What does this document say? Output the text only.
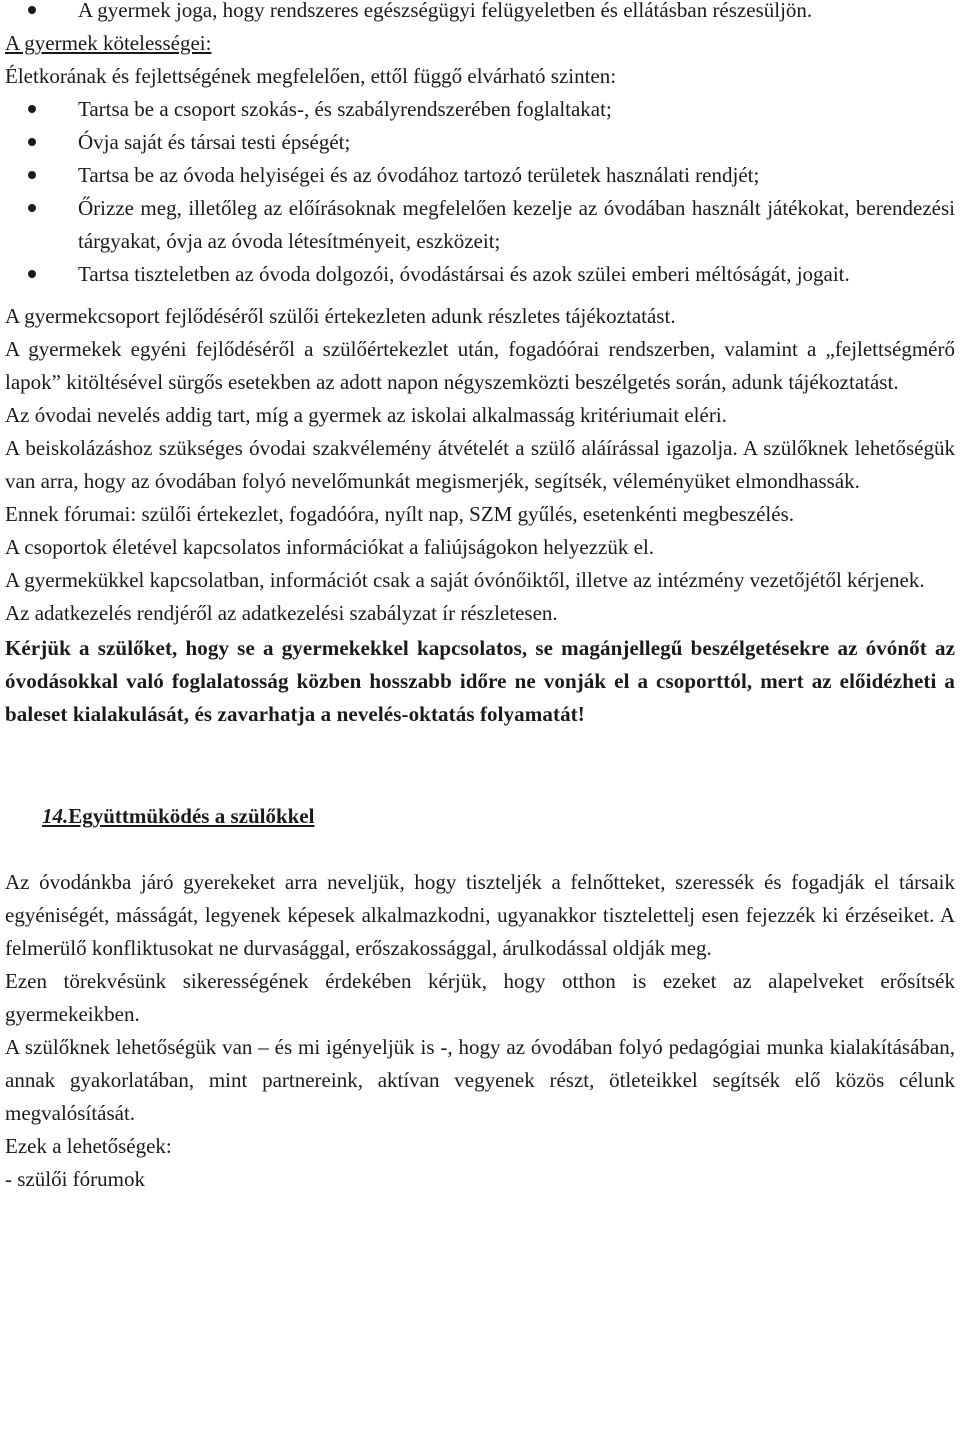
A gyermek joga, hogy rendszeres egészségügyi felügyeletben és ellátásban részesüljön.

A gyermek kötelességei:

Életkorának és fejlettségének megfelelően, ettől függő elvárható szinten:

Tartsa be a csoport szokás-, és szabályrendszerében foglaltakat;
Óvja saját és társai testi épségét;
Tartsa be az óvoda helyiségei és az óvodához tartozó területek használati rendjét;
Őrizze meg, illetőleg az előírásoknak megfelelően kezelje az óvodában használt játékokat, berendezési tárgyakat, óvja az óvoda létesítményeit, eszközeit;
Tartsa tiszteletben az óvoda dolgozói, óvodástársai és azok szülei emberi méltóságát, jogait.

A gyermekcsoport fejlődéséről szülői értekezleten adunk részletes tájékoztatást.

A gyermekek egyéni fejlődéséről a szülőértekezlet után, fogadóórai rendszerben, valamint a „fejlettségmérő lapok” kitöltésével sürgős esetekben az adott napon négyszemközti beszélgetés során, adunk tájékoztatást.

Az óvodai nevelés addig tart, míg a gyermek az iskolai alkalmasság kritériumait eléri.

A beiskolázáshoz szükséges óvodai szakvélemény átvételét a szülő aláírással igazolja. A szülőknek lehetőségük van arra, hogy az óvodában folyó nevelőmunkát megismerjék, segítsék, véleményüket elmondhassák.

Ennek fórumai: szülői értekezlet, fogadóóra, nyílt nap, SZM gyűlés, esetenkénti megbeszélés.

A csoportok életével kapcsolatos információkat a faliújságokon helyezzük el.

A gyermekükkel kapcsolatban, információt csak a saját óvónőiktől, illetve az intézmény vezetőjétől kérjenek.

Az adatkezelés rendjéről az adatkezelési szabályzat ír részletesen.

Kérjük a szülőket, hogy se a gyermekekkel kapcsolatos, se magánjellegű beszélgetésekre az óvónőt az óvodásokkal való foglalatosság közben hosszabb időre ne vonják el a csoporttól, mert az előidézheti a baleset kialakulását, és zavarhatja a nevelés-oktatás folyamatát!

14.Együttmüködés a szülőkkel

Az óvodánkba járó gyerekeket arra neveljük, hogy tiszteljék a felnőtteket, szeressék és fogadják el társaik egyéniségét, másságát, legyenek képesek alkalmazkodni, ugyanakkor tisztelettelj esen fejezzék ki érzéseiket. A felmerülő konfliktusokat ne durvasággal, erőszakossággal, árulkodással oldják meg.

Ezen törekvésünk sikerességének érdekében kérjük, hogy otthon is ezeket az alapelveket erősítsék gyermekeikben.

A szülőknek lehetőségük van – és mi igényeljük is -, hogy az óvodában folyó pedagógiai munka kialakításában, annak gyakorlatában, mint partnereink, aktívan vegyenek részt, ötleteikkel segítsék elő közös célunk megvalósítását.

Ezek a lehetőségek:

- szülői fórumok
